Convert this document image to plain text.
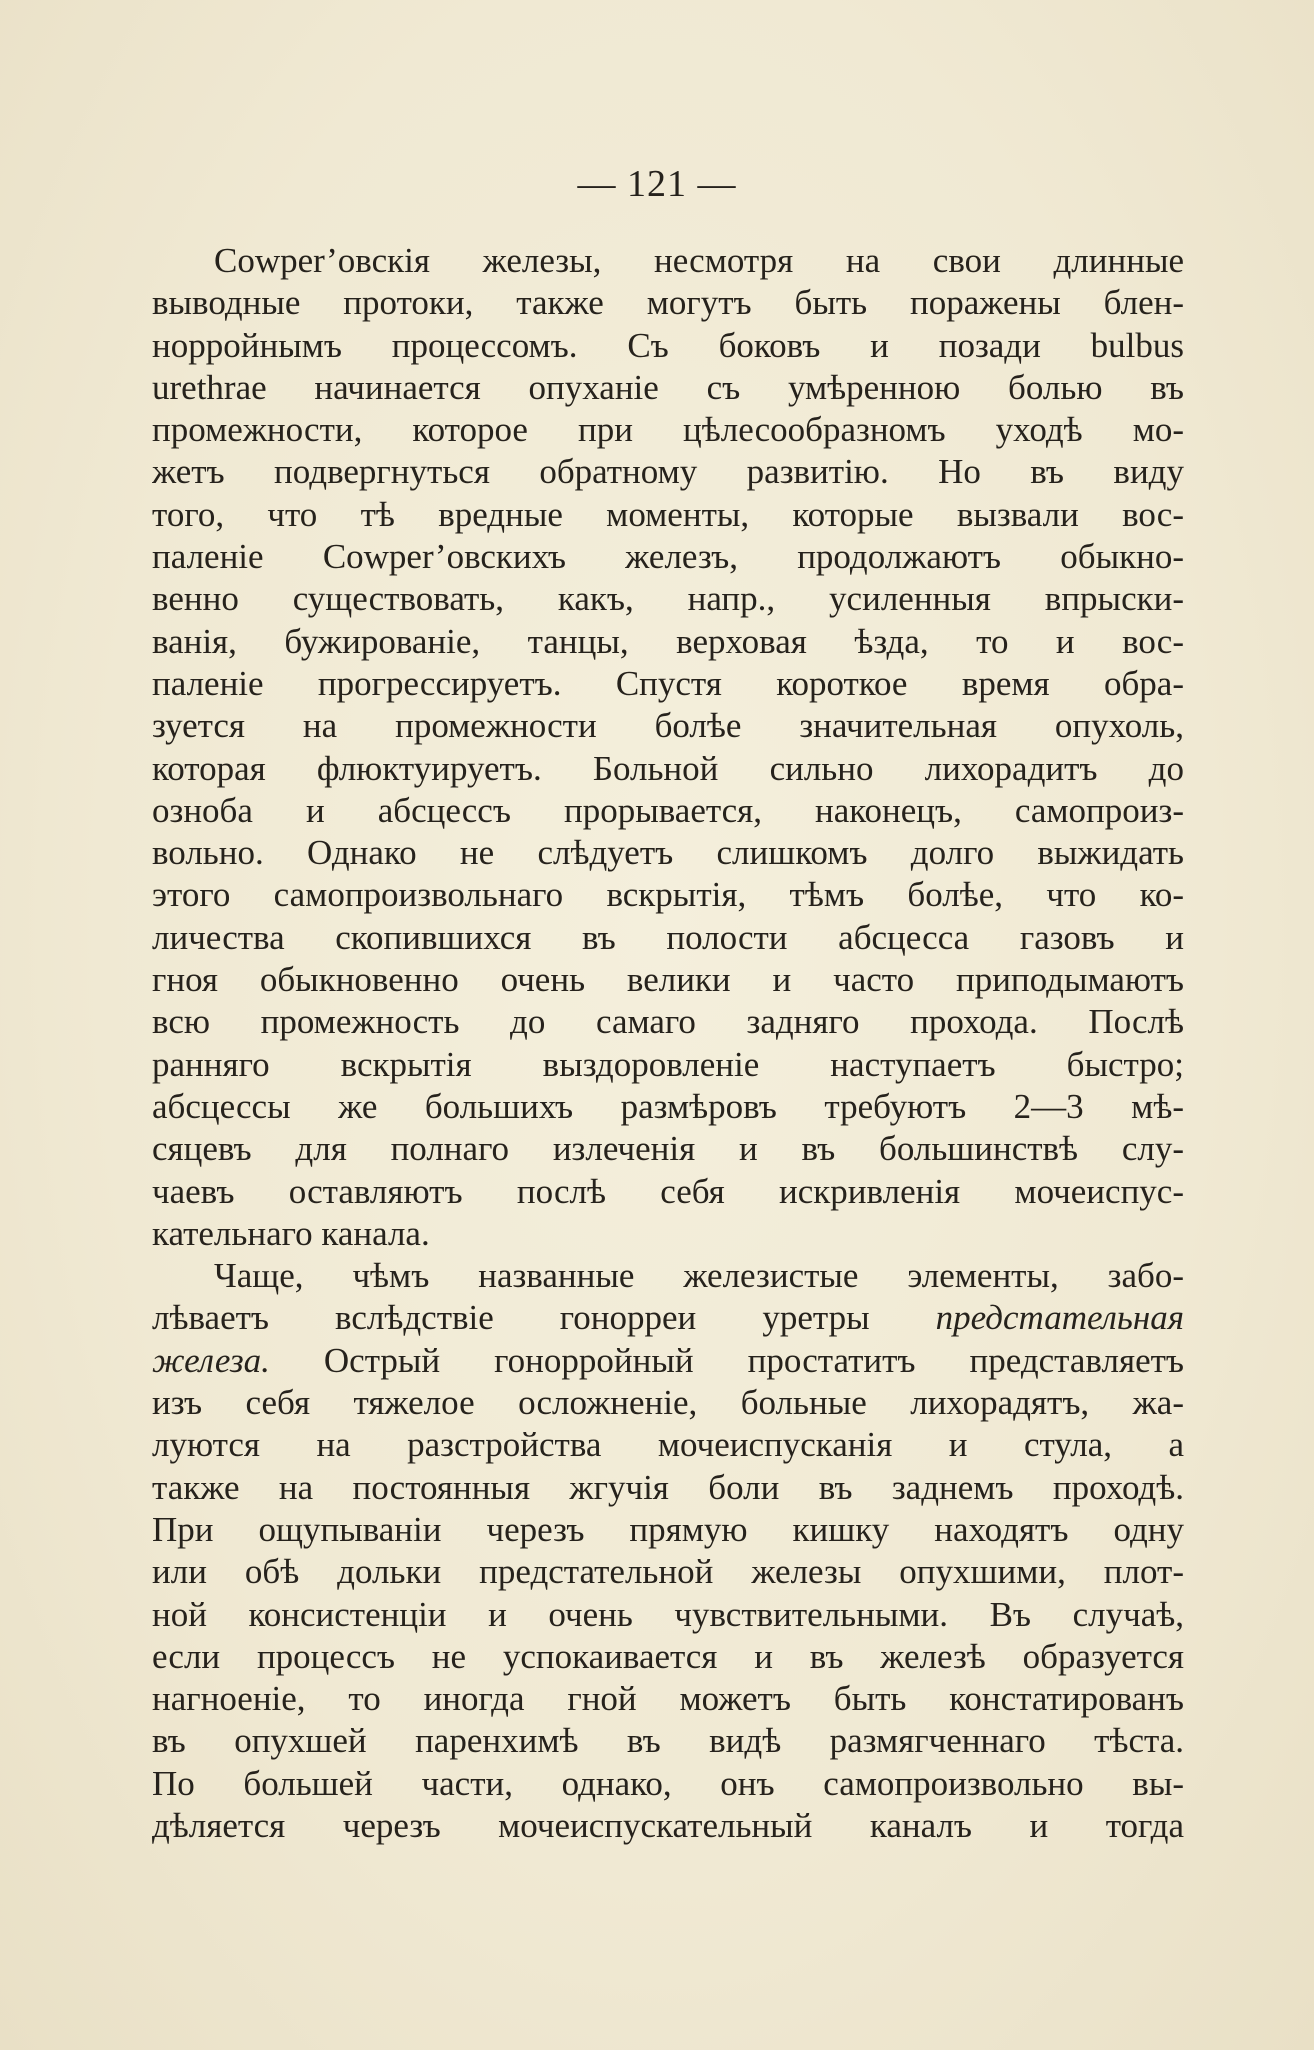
— 121 —
Cowper’овскія железы, несмотря на свои длинные
выводные протоки, также могутъ быть поражены блен-
норройнымъ процессомъ. Съ боковъ и позади bulbus
urethrae начинается опуханіе съ умѣренною болью въ
промежности, которое при цѣлесообразномъ уходѣ мо-
жетъ подвергнуться обратному развитію. Но въ виду
того, что тѣ вредные моменты, которые вызвали вос-
паленіе Cowper’овскихъ железъ, продолжаютъ обыкно-
венно существовать, какъ, напр., усиленныя впрыски-
ванія, бужированіе, танцы, верховая ѣзда, то и вос-
паленіе прогрессируетъ. Спустя короткое время обра-
зуется на промежности болѣе значительная опухоль,
которая флюктуируетъ. Больной сильно лихорадитъ до
озноба и абсцессъ прорывается, наконецъ, самопроиз-
вольно. Однако не слѣдуетъ слишкомъ долго выжидать
этого самопроизвольнаго вскрытія, тѣмъ болѣе, что ко-
личества скопившихся въ полости абсцесса газовъ и
гноя обыкновенно очень велики и часто приподымаютъ
всю промежность до самаго задняго прохода. Послѣ
ранняго вскрытія выздоровленіе наступаетъ быстро;
абсцессы же большихъ размѣровъ требуютъ 2—3 мѣ-
сяцевъ для полнаго излеченія и въ большинствѣ слу-
чаевъ оставляютъ послѣ себя искривленія мочеиспус-
кательнаго канала.
Чаще, чѣмъ названные железистые элементы, забо-
лѣваетъ вслѣдствіе гонорреи уретры предстательная
железа. Острый гонорройный простатитъ представляетъ
изъ себя тяжелое осложненіе, больные лихорадятъ, жа-
луются на разстройства мочеиспусканія и стула, а
также на постоянныя жгучія боли въ заднемъ проходѣ.
При ощупываніи черезъ прямую кишку находятъ одну
или обѣ дольки предстательной железы опухшими, плот-
ной консистенціи и очень чувствительными. Въ случаѣ,
если процессъ не успокаивается и въ железѣ образуется
нагноеніе, то иногда гной можетъ быть констатированъ
въ опухшей паренхимѣ въ видѣ размягченнаго тѣста.
По большей части, однако, онъ самопроизвольно вы-
дѣляется черезъ мочеиспускательный каналъ и тогда
